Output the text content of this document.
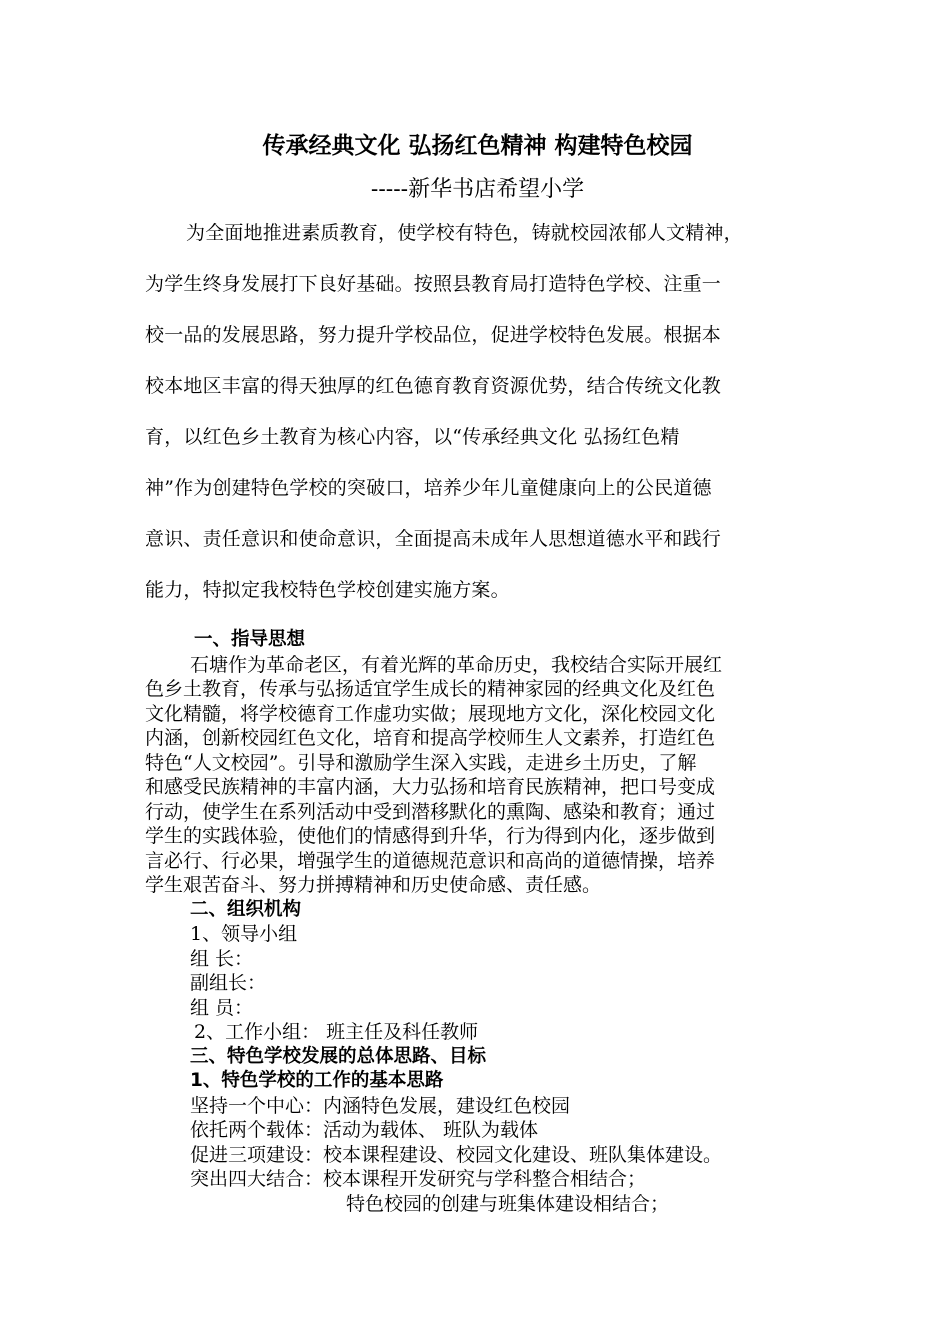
传承经典文化 弘扬红色精神 构建特色校园
-----新华书店希望小学

为全面地推进素质教育，使学校有特色，铸就校园浓郁人文精神，

为学生终身发展打下良好基础。按照县教育局打造特色学校、注重一

校一品的发展思路，努力提升学校品位，促进学校特色发展。根据本

校本地区丰富的得天独厚的红色德育教育资源优势，结合传统文化教

育，以红色乡土教育为核心内容，以“传承经典文化 弘扬红色精

神”作为创建特色学校的突破口，培养少年儿童健康向上的公民道德

意识、责任意识和使命意识，全面提高未成年人思想道德水平和践行

能力，特拟定我校特色学校创建实施方案。

一、指导思想

石塘作为革命老区，有着光辉的革命历史，我校结合实际开展红

色乡土教育，传承与弘扬适宜学生成长的精神家园的经典文化及红色

文化精髓，将学校德育工作虚功实做；展现地方文化，深化校园文化

内涵，创新校园红色文化，培育和提高学校师生人文素养，打造红色

特色“人文校园”。引导和激励学生深入实践，走进乡土历史，了解

和感受民族精神的丰富内涵，大力弘扬和培育民族精神，把口号变成

行动，使学生在系列活动中受到潜移默化的熏陶、感染和教育；通过

学生的实践体验，使他们的情感得到升华，行为得到内化，逐步做到

言必行、行必果，增强学生的道德规范意识和高尚的道德情操，培养

学生艰苦奋斗、努力拼搏精神和历史使命感、责任感。

二、组织机构

1、领导小组

组 长：

副组长：

组 员：

2、工作小组： 班主任及科任教师

三、特色学校发展的总体思路、目标

1、特色学校的工作的基本思路

坚持一个中心：内涵特色发展，建设红色校园

依托两个载体：活动为载体、 班队为载体

促进三项建设：校本课程建设、校园文化建设、班队集体建设。

突出四大结合：校本课程开发研究与学科整合相结合；

特色校园的创建与班集体建设相结合；
